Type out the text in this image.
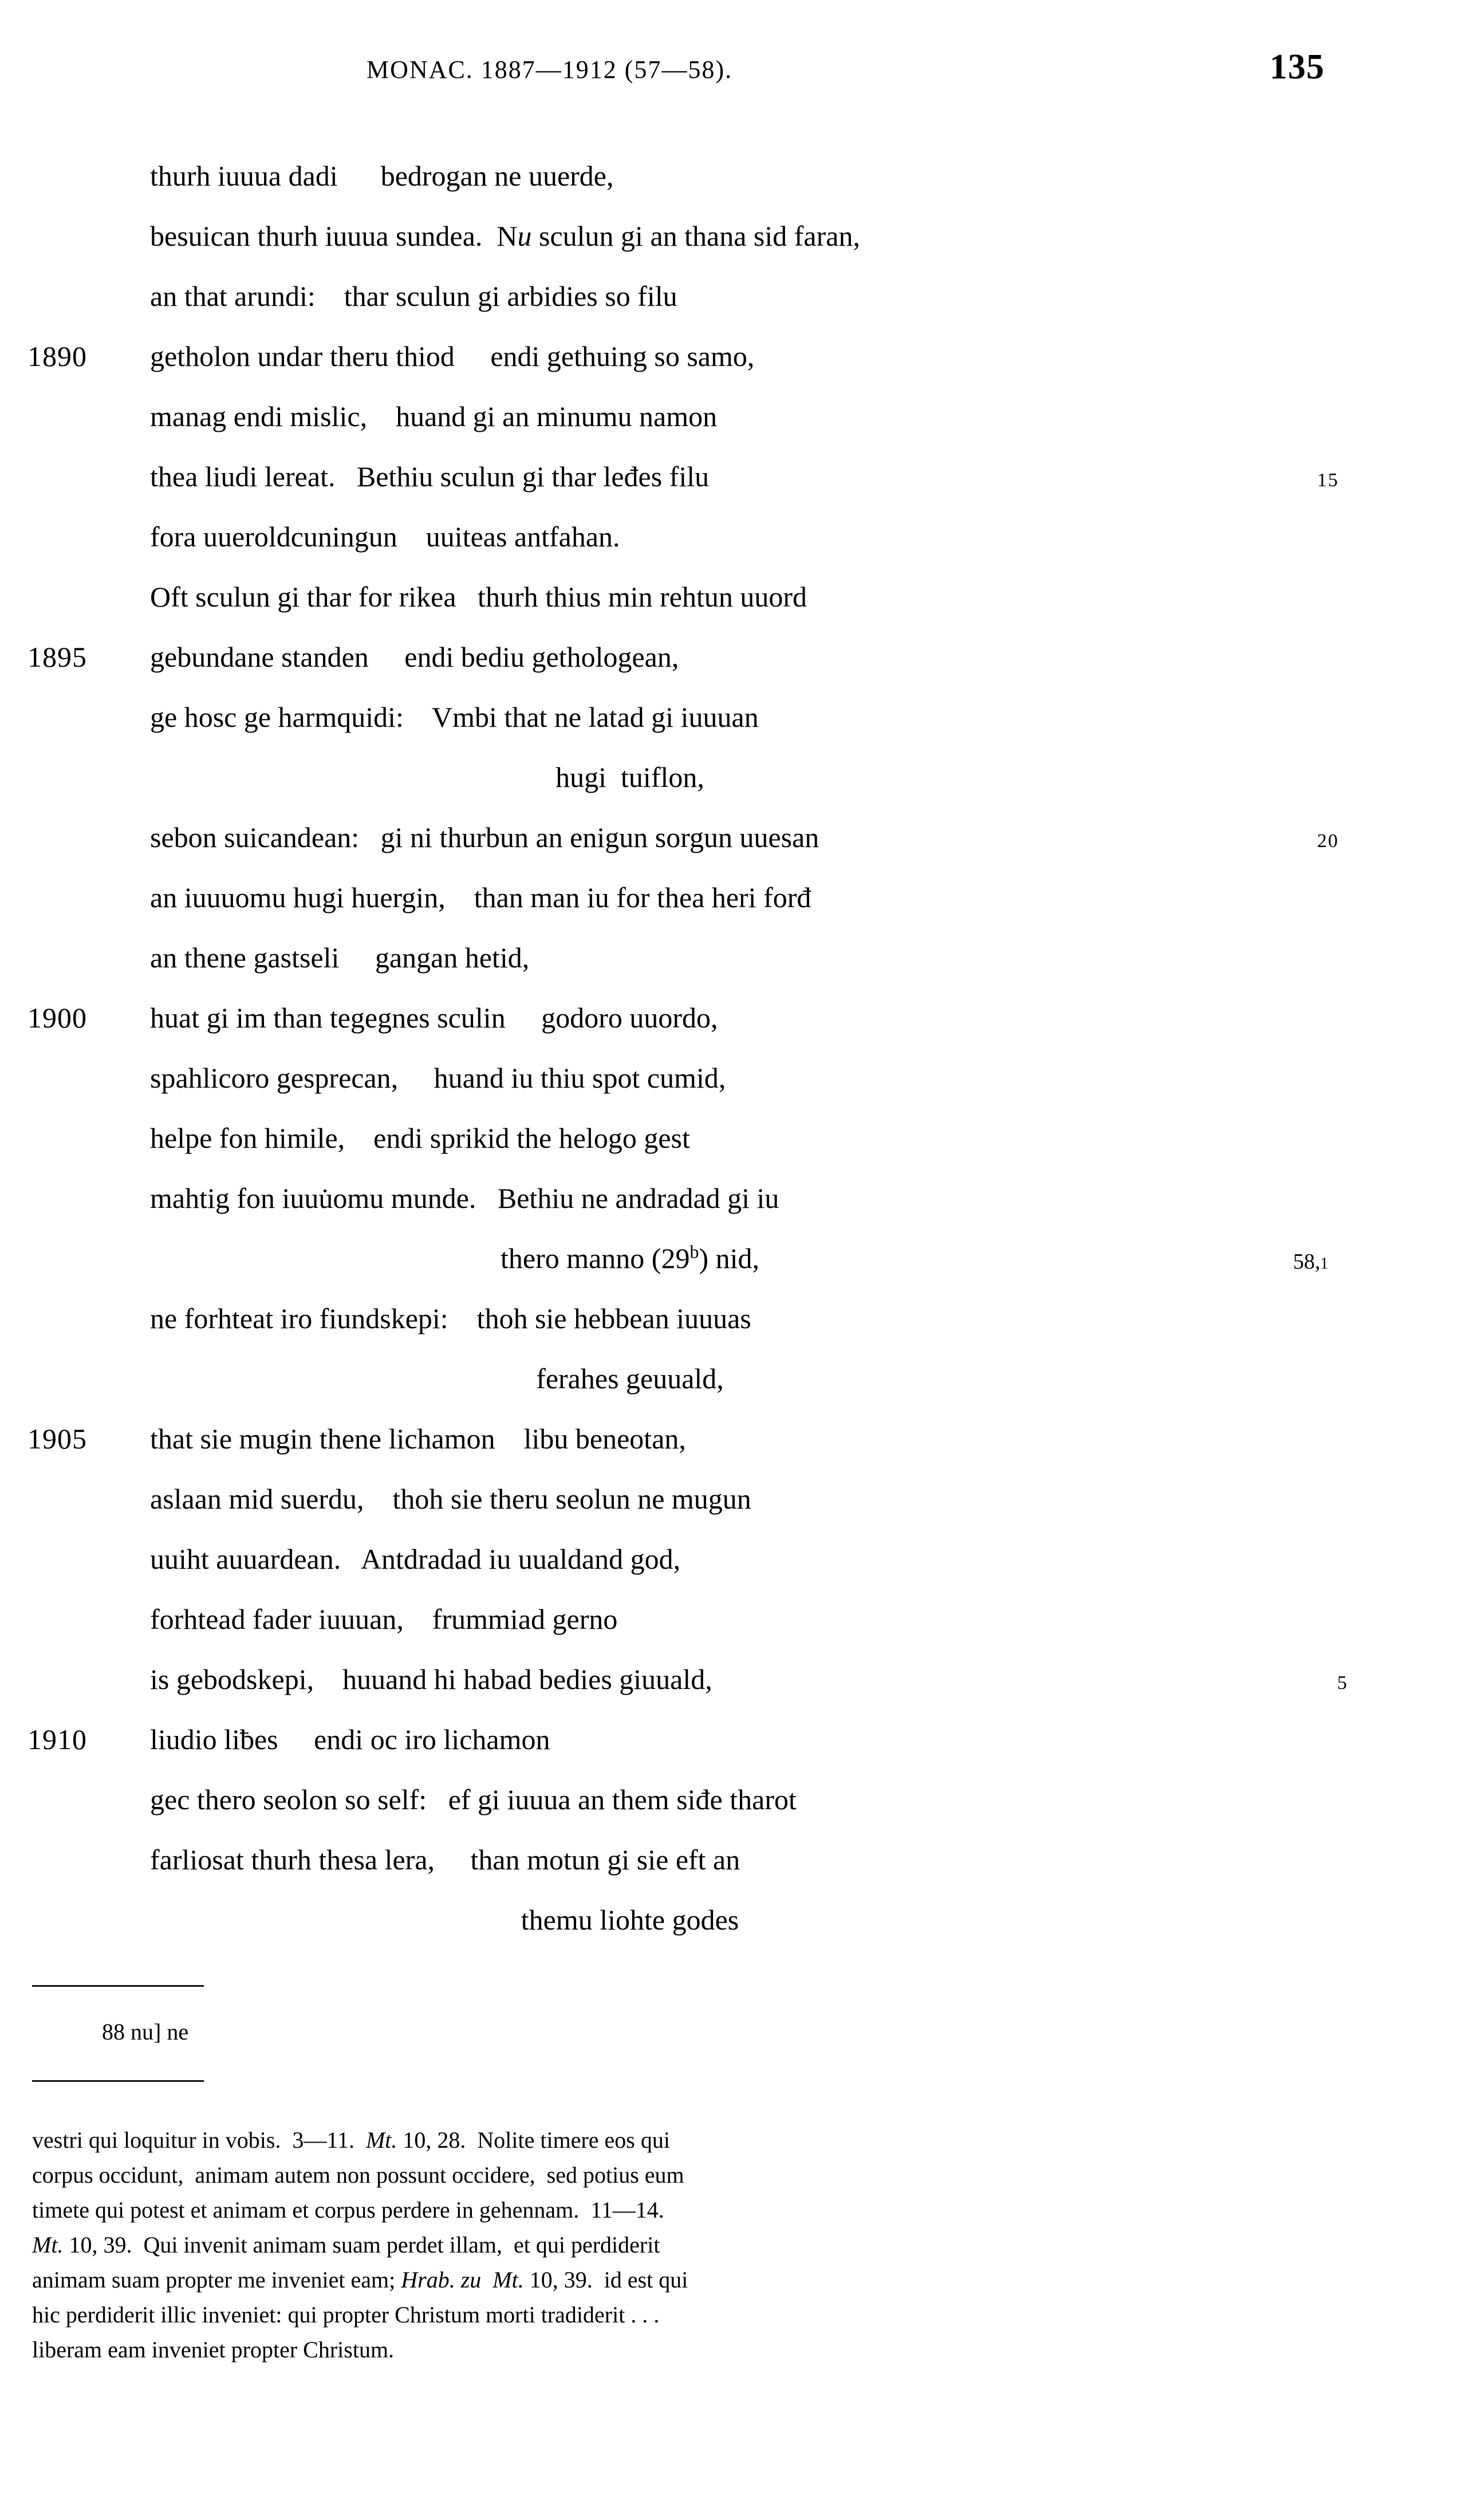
MONAC. 1887—1912 (57—58).	135
thurh iuuua dadi      bedrogan ne uuerde,
besuican thurh iuuua sundea.  Nu sculun gi an thana sid faran,
an that arundi:    thar sculun gi arbidies so filu
1890	getholon undar theru thiod     endi gethuing so samo,
manag endi mislic,    huand gi an minumu namon
thea liudi lereat.   Bethiu sculun gi thar leđes filu	15
fora uueroldcuningun    uuiteas antfahan.
Oft sculun gi thar for rikea   thurh thius min rehtun uuord
1895	gebundane standen     endi bediu gethologean,
ge hosc ge harmquidi:    Vmbi that ne latad gi iuuuan
hugi  tuiflon,
sebon suicandean:   gi ni thurbun an enigun sorgun uuesan	20
an iuuuomu hugi huergin,    than man iu for thea heri forđ
an thene gastseli     gangan hetid,
1900	huat gi im than tegegnes sculin     godoro uuordo,
spahlicoro gesprecan,     huand iu thiu spot cumid,
helpe fon himile,    endi sprikid the helogo gest
mahtig fon iuuu̇omu munde.   Bethiu ne andradad gi iu
thero manno (29$^b$) nid,	58,1
ne forhteat iro fiundskepi:    thoh sie hebbean iuuuas
ferahes geuuald,
1905	that sie mugin thene lichamon    libu beneotan,
aslaan mid suerdu,    thoh sie theru seolun ne mugun
uuiht auuardean.   Antdradad iu uualdand god,
forhtead fader iuuuan,    frummiad gerno
is gebodskepi,    huuand hi habad bedies giuuald,	5
1910	liudio liƀes     endi oc iro lichamon
gec thero seolon so self:   ef gi iuuua an them siđe tharot
farliosat thurh thesa lera,     than motun gi sie eft an
themu liohte godes
88 nu] ne
vestri qui loquitur in vobis.  3—11.  Mt. 10, 28.  Nolite timere eos qui
corpus occidunt,  animam autem non possunt occidere,  sed potius eum
timete qui potest et animam et corpus perdere in gehennam.  11—14.
Mt. 10, 39.  Qui invenit animam suam perdet illam,  et qui perdiderit
animam suam propter me inveniet eam; Hrab. zu  Mt. 10, 39.  id est qui
hic perdiderit illic inveniet: qui propter Christum morti tradiderit . . .
liberam eam inveniet propter Christum.
